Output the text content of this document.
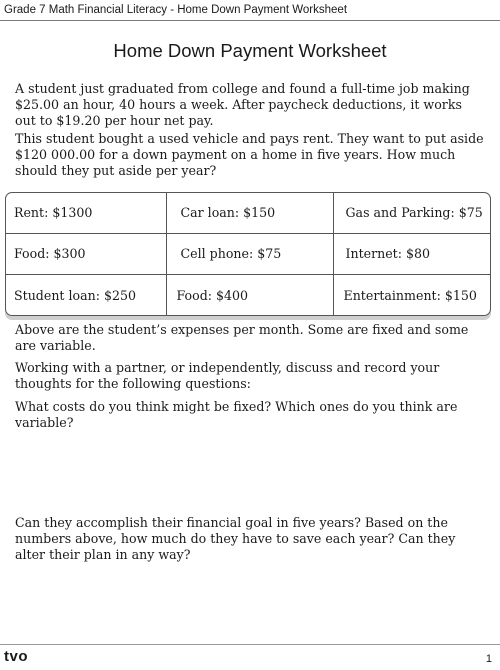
Grade 7 Math Financial Literacy - Home Down Payment Worksheet
Home Down Payment Worksheet

A student just graduated from college and found a full-time job making $25.00 an hour, 40 hours a week. After paycheck deductions, it works out to $19.20 per hour net pay.

This student bought a used vehicle and pays rent. They want to put aside $120 000.00 for a down payment on a home in five years. How much should they put aside per year?

Rent: $1300	Car loan: $150	Gas and Parking: $75
Food: $300	Cell phone: $75	Internet: $80
Student loan: $250	Food: $400	Entertainment: $150

Above are the student’s expenses per month. Some are fixed and some are variable.

Working with a partner, or independently, discuss and record your thoughts for the following questions:

What costs do you think might be fixed? Which ones do you think are variable?

Can they accomplish their financial goal in five years? Based on the numbers above, how much do they have to save each year? Can they alter their plan in any way?

tvo	1
